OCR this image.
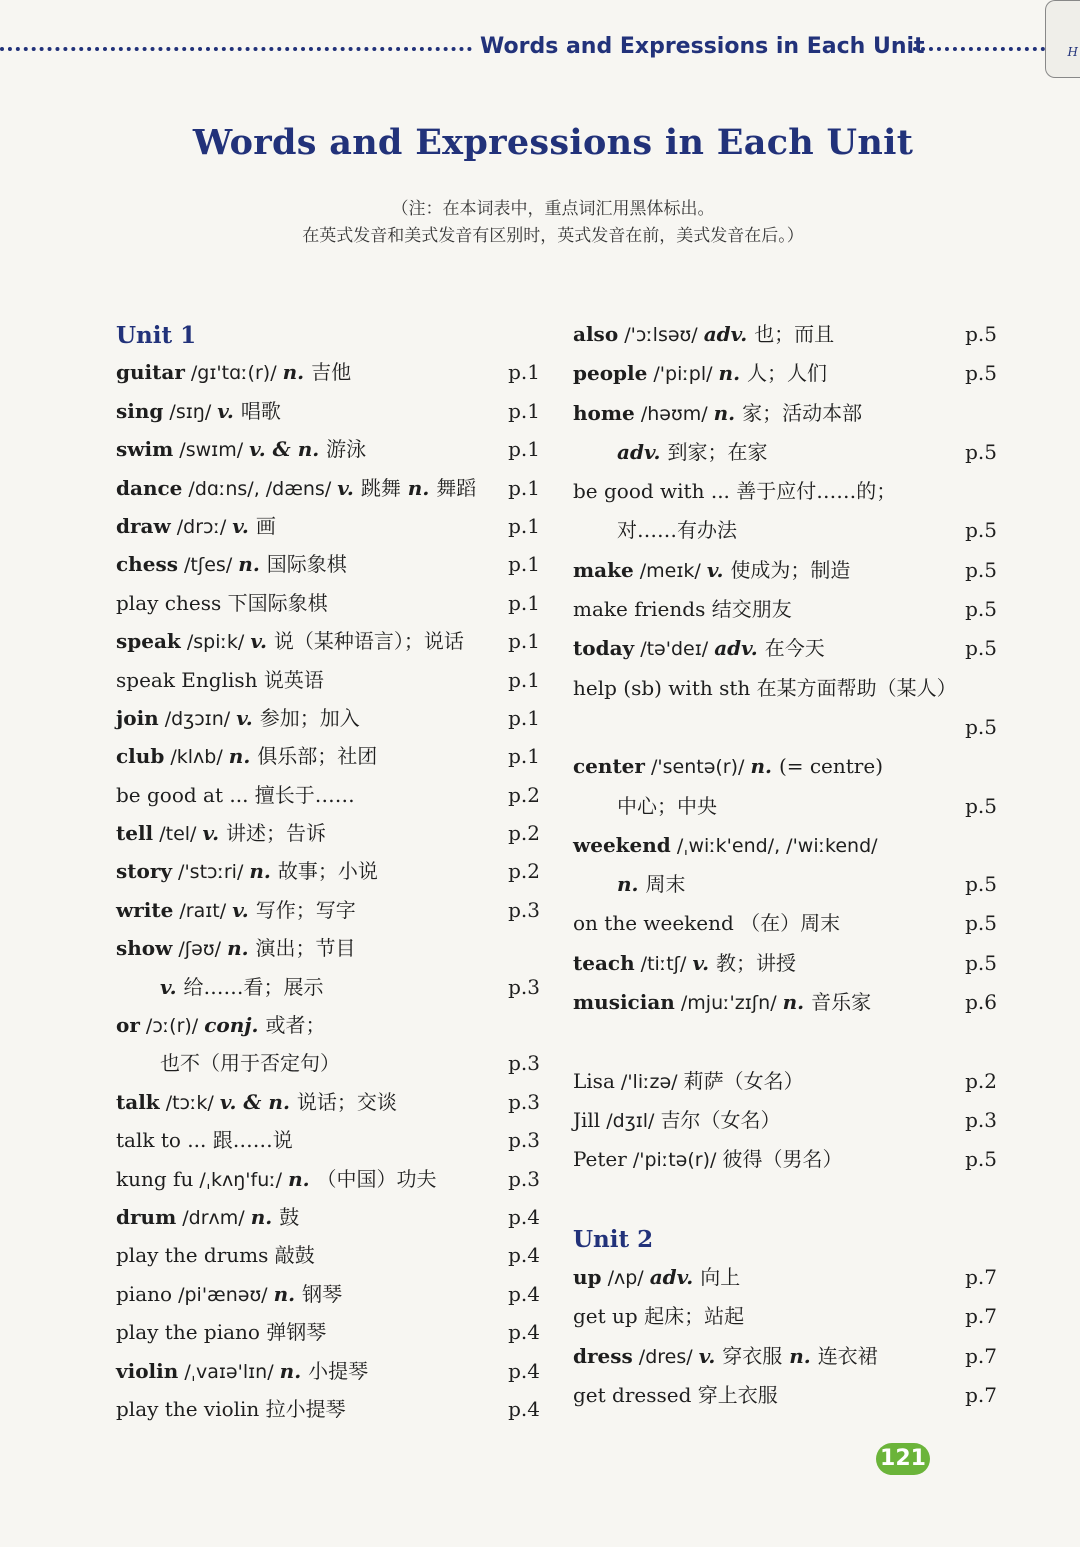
Words and Expressions in Each Unit	H
Words and Expressions in Each Unit
（注：在本词表中，重点词汇用黑体标出。
在英式发音和美式发音有区别时，英式发音在前，美式发音在后。）
Unit 1
guitar /gɪ'tɑː(r)/ n. 吉他	p.1
sing /sɪŋ/ v. 唱歌	p.1
swim /swɪm/ v. & n. 游泳	p.1
dance /dɑːns/, /dæns/ v. 跳舞 n. 舞蹈 p.1
draw /drɔː/ v. 画	p.1
chess /tʃes/ n. 国际象棋	p.1
play chess 下国际象棋	p.1
speak /spiːk/ v. 说（某种语言）；说话 p.1
speak English 说英语	p.1
join /dʒɔɪn/ v. 参加；加入	p.1
club /klʌb/ n. 俱乐部；社团	p.1
be good at ... 擅长于……	p.2
tell /tel/ v. 讲述；告诉	p.2
story /'stɔːri/ n. 故事；小说	p.2
write /raɪt/ v. 写作；写字	p.3
show /ʃəʊ/ n. 演出；节目
v. 给……看；展示	p.3
or /ɔː(r)/ conj. 或者；
也不（用于否定句）	p.3
talk /tɔːk/ v. & n. 说话；交谈	p.3
talk to ... 跟……说	p.3
kung fu /ˌkʌŋ'fuː/ n. （中国）功夫	p.3
drum /drʌm/ n. 鼓	p.4
play the drums 敲鼓	p.4
piano /pi'ænəʊ/ n. 钢琴	p.4
play the piano 弹钢琴	p.4
violin /ˌvaɪə'lɪn/ n. 小提琴	p.4
play the violin 拉小提琴	p.4
also /'ɔːlsəʊ/ adv. 也；而且	p.5
people /'piːpl/ n. 人；人们	p.5
home /həʊm/ n. 家；活动本部
adv. 到家；在家	p.5
be good with ... 善于应付……的；
对……有办法	p.5
make /meɪk/ v. 使成为；制造	p.5
make friends 结交朋友	p.5
today /tə'deɪ/ adv. 在今天	p.5
help (sb) with sth 在某方面帮助（某人）
p.5
center /'sentə(r)/ n. (= centre)
中心；中央	p.5
weekend /ˌwiːk'end/, /'wiːkend/
n. 周末	p.5
on the weekend （在）周末	p.5
teach /tiːtʃ/ v. 教；讲授	p.5
musician /mjuː'zɪʃn/ n. 音乐家	p.6
Lisa /'liːzə/ 莉萨（女名）	p.2
Jill /dʒɪl/ 吉尔（女名）	p.3
Peter /'piːtə(r)/ 彼得（男名）	p.5
Unit 2
up /ʌp/ adv. 向上	p.7
get up 起床；站起	p.7
dress /dres/ v. 穿衣服 n. 连衣裙	p.7
get dressed 穿上衣服	p.7
121
